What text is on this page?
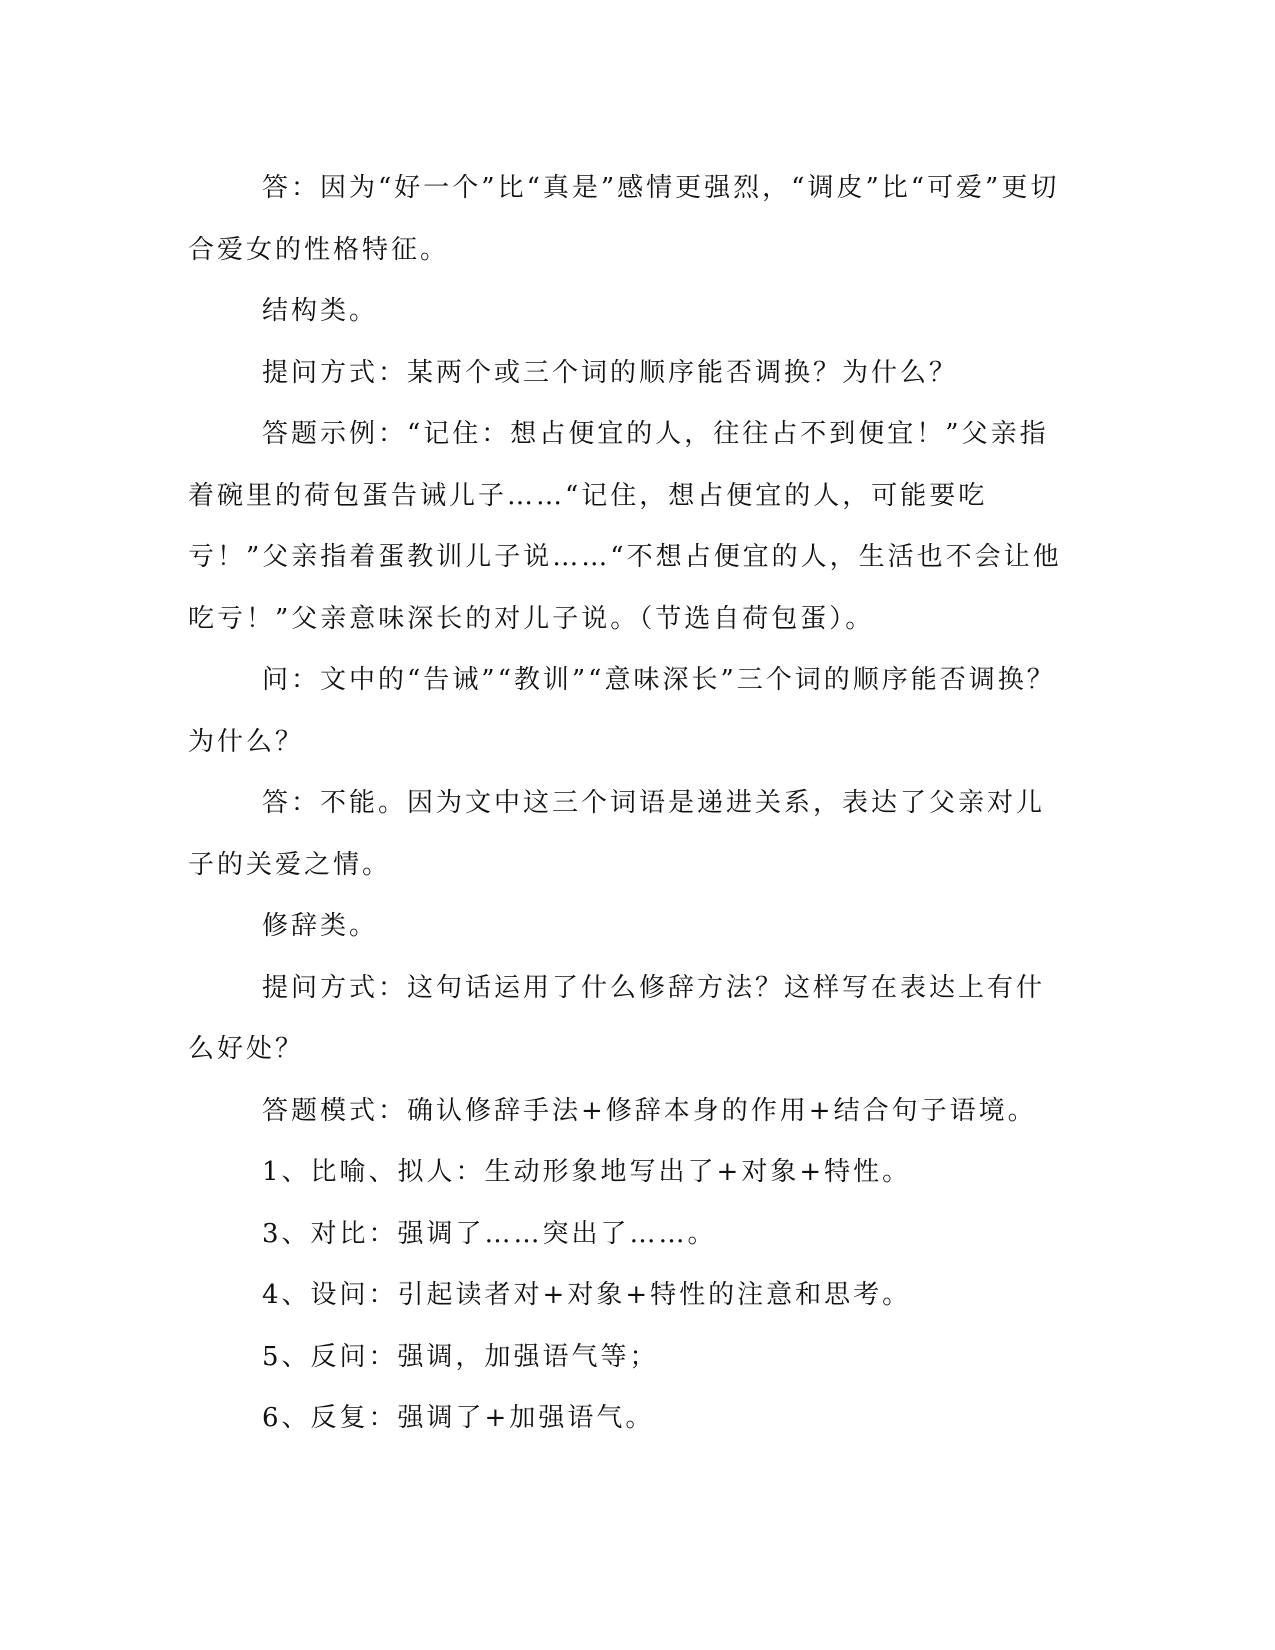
答：因为“好一个”比“真是”感情更强烈，“调皮”比“可爱”更切合爱女的性格特征。

结构类。

提问方式：某两个或三个词的顺序能否调换？为什么？

答题示例：“记住：想占便宜的人，往往占不到便宜！”父亲指着碗里的荷包蛋告诫儿子……“记住，想占便宜的人，可能要吃亏！”父亲指着蛋教训儿子说……“不想占便宜的人，生活也不会让他吃亏！”父亲意味深长的对儿子说。（节选自荷包蛋）。

问：文中的“告诫”“教训”“意味深长”三个词的顺序能否调换？为什么？

答：不能。因为文中这三个词语是递进关系，表达了父亲对儿子的关爱之情。

修辞类。

提问方式：这句话运用了什么修辞方法？这样写在表达上有什么好处？

答题模式：确认修辞手法+修辞本身的作用+结合句子语境。

1、比喻、拟人：生动形象地写出了+对象+特性。

3、对比：强调了……突出了……。

4、设问：引起读者对+对象+特性的注意和思考。

5、反问：强调，加强语气等；

6、反复：强调了+加强语气。
